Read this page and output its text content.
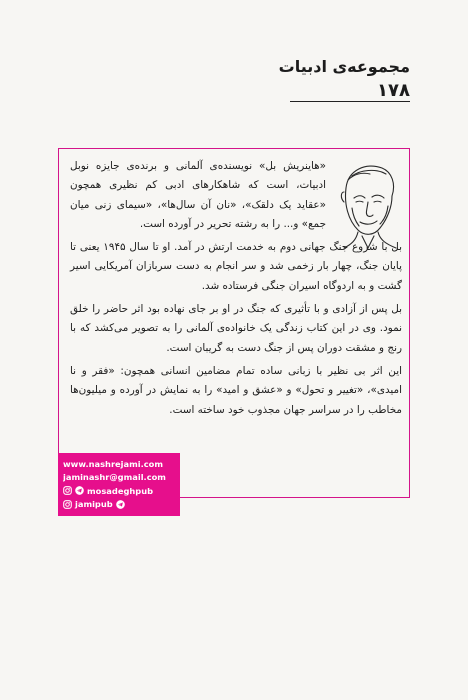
مجموعه‌ی ادبیات
۱۷۸

«هاینریش بل» نویسنده‌ی آلمانی و برنده‌ی جایزه نوبل ادبیات، است که شاهکارهای ادبی کم نظیری همچون «عقاید یک دلقک»، «نان آن سال‌ها»، «سیمای زنی میان جمع» و... را به رشته تحریر در آورده است.

بل با شروع جنگ جهانی دوم به خدمت ارتش در آمد. او تا سال ۱۹۴۵ یعنی تا پایان جنگ، چهار بار زخمی شد و سر انجام به دست سربازان آمریکایی اسیر گشت و به اردوگاه اسیران جنگی فرستاده شد.

بل پس از آزادی و با تأثیری که جنگ در او بر جای نهاده بود اثر حاضر را خلق نمود. وی در این کتاب زندگی یک خانواده‌ی آلمانی را به تصویر می‌کشد که با رنج و مشقت دوران پس از جنگ دست به گریبان است.

این اثر بی نظیر با زبانی ساده تمام مضامین انسانی همچون: «فقر و نا امیدی»، «تغییر و تحول» و «عشق و امید» را به نمایش در آورده و میلیون‌ها مخاطب را در سراسر جهان مجذوب خود ساخته است.

www.nashrejami.com
jaminashr@gmail.com
mosadeghpub
jamipub
